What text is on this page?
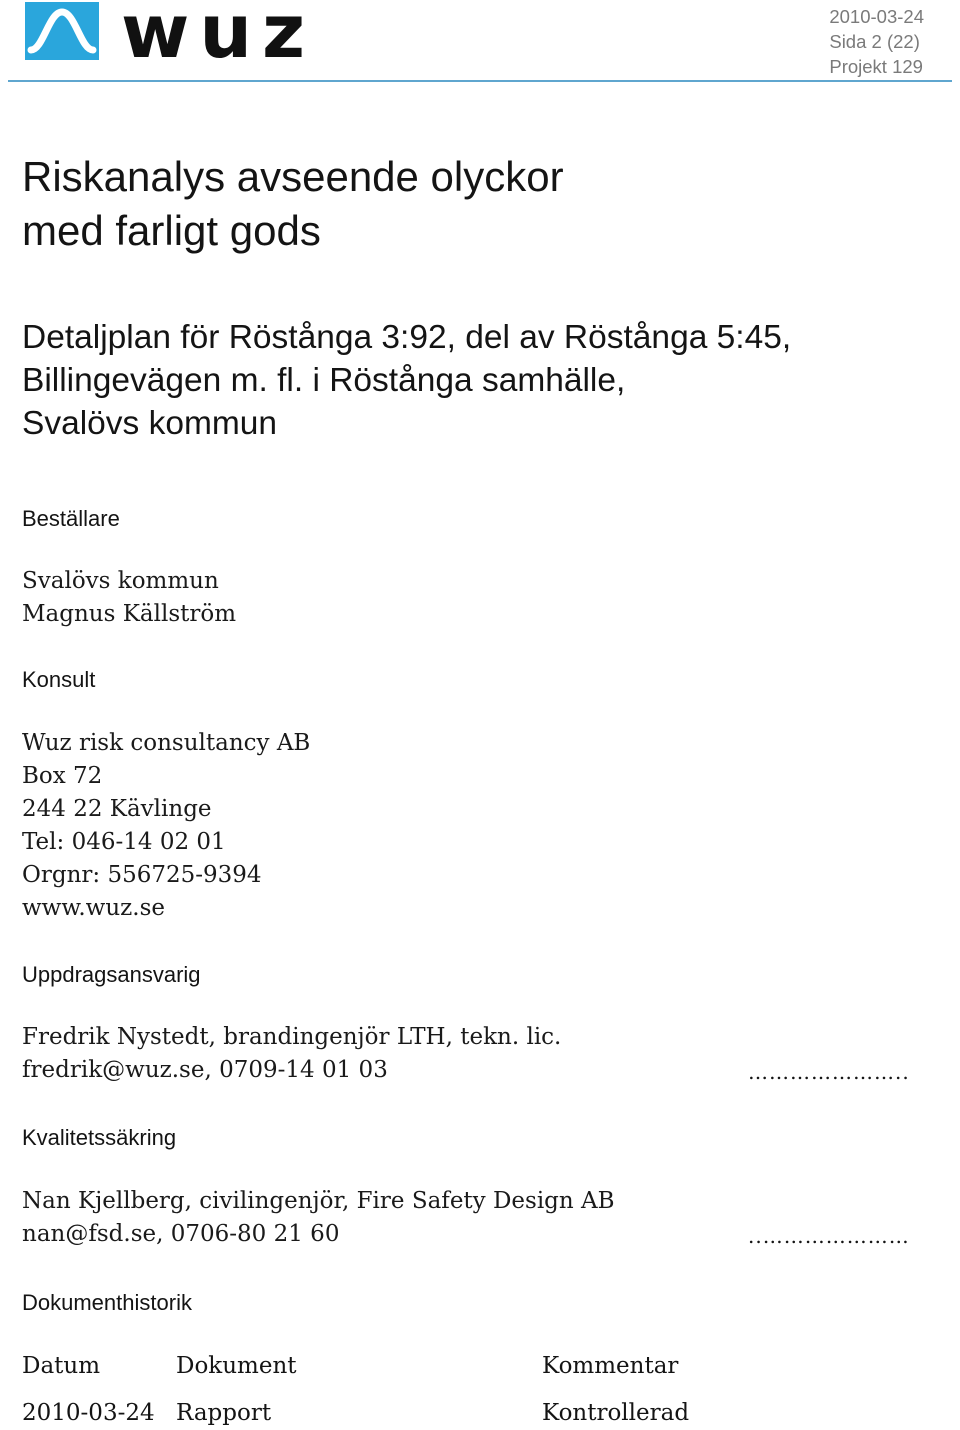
wuz	2010-03-24
Sida 2 (22)
Projekt 129
Riskanalys avseende olyckor
med farligt gods
Detaljplan för Röstånga 3:92, del av Röstånga 5:45,
Billingevägen m. fl. i Röstånga samhälle,
Svalövs kommun
Beställare
Svalövs kommun
Magnus Källström
Konsult
Wuz risk consultancy AB
Box 72
244 22 Kävlinge
Tel: 046-14 02 01
Orgnr: 556725-9394
www.wuz.se
Uppdragsansvarig
Fredrik Nystedt, brandingenjör LTH, tekn. lic.
fredrik@wuz.se, 0709-14 01 03	…………………..
Kvalitetssäkring
Nan Kjellberg, civilingenjör, Fire Safety Design AB
nan@fsd.se, 0706-80 21 60	..…………………
Dokumenthistorik
Datum	Dokument	Kommentar
2010-03-24 Rapport	Kontrollerad
